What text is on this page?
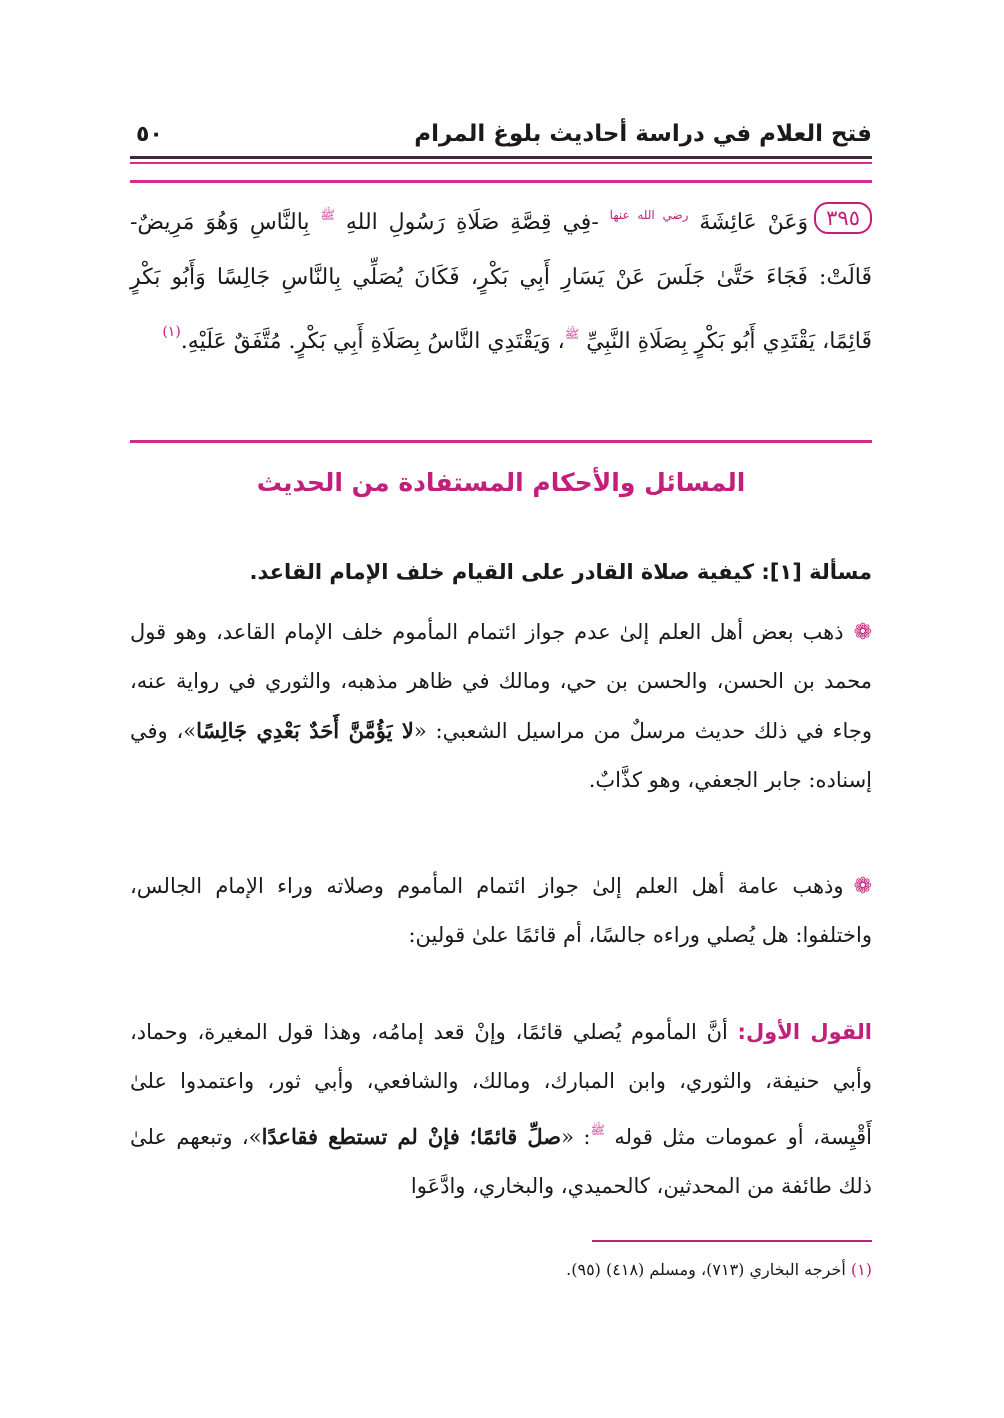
فتح العلام في دراسة أحاديث بلوغ المرام
٥٠
٣٩٥وَعَنْ عَائِشَةَ $^{رضي الله عنها}$ -فِي قِصَّةِ صَلَاةِ رَسُولِ اللهِ $^ﷺ$ بِالنَّاسِ وَهُوَ مَرِيضٌ- قَالَتْ: فَجَاءَ حَتَّىٰ جَلَسَ عَنْ يَسَارِ أَبِي بَكْرٍ، فَكَانَ يُصَلِّي بِالنَّاسِ جَالِسًا وَأَبُو بَكْرٍ قَائِمًا، يَقْتَدِي أَبُو بَكْرٍ بِصَلَاةِ النَّبِيِّ $^ﷺ$، وَيَقْتَدِي النَّاسُ بِصَلَاةِ أَبِي بَكْرٍ. مُتَّفَقٌ عَلَيْهِ.$^{(١)}$
المسائل والأحكام المستفادة من الحديث
مسألة [١]: كيفية صلاة القادر على القيام خلف الإمام القاعد.
❁ذهب بعض أهل العلم إلىٰ عدم جواز ائتمام المأموم خلف الإمام القاعد، وهو قول محمد بن الحسن، والحسن بن حي، ومالك في ظاهر مذهبه، والثوري في رواية عنه، وجاء في ذلك حديث مرسلٌ من مراسيل الشعبي: «لا يَؤُمَّنَّ أَحَدٌ بَعْدِي جَالِسًا»، وفي إسناده: جابر الجعفي، وهو كذَّابٌ.
❁وذهب عامة أهل العلم إلىٰ جواز ائتمام المأموم وصلاته وراء الإمام الجالس، واختلفوا: هل يُصلي وراءه جالسًا، أم قائمًا علىٰ قولين:
القول الأول: أنَّ المأموم يُصلي قائمًا، وإنْ قعد إمامُه، وهذا قول المغيرة، وحماد، وأبي حنيفة، والثوري، وابن المبارك، ومالك، والشافعي، وأبي ثور، واعتمدوا علىٰ أَقْيِسة، أو عمومات مثل قوله $^ﷺ$: «صلِّ قائمًا؛ فإنْ لم تستطع فقاعدًا»، وتبعهم علىٰ ذلك طائفة من المحدثين، كالحميدي، والبخاري، وادَّعَوا
(١) أخرجه البخاري (٧١٣)، ومسلم (٤١٨) (٩٥).
